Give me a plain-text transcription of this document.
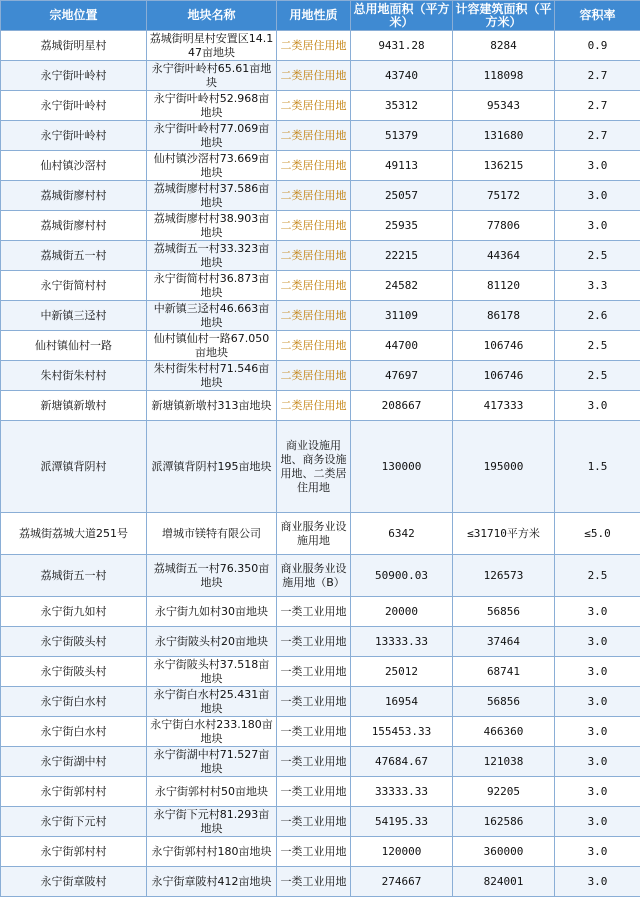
宗地位置	地块名称	用地性质	总用地面积（平方米）	计容建筑面积（平方米）	容积率
荔城街明星村	荔城街明星村安置区14.147亩地块	二类居住用地	9431.28	8284	0.9
永宁街叶岭村	永宁街叶岭村65.61亩地块	二类居住用地	43740	118098	2.7
永宁街叶岭村	永宁街叶岭村52.968亩地块	二类居住用地	35312	95343	2.7
永宁街叶岭村	永宁街叶岭村77.069亩地块	二类居住用地	51379	131680	2.7
仙村镇沙滘村	仙村镇沙滘村73.669亩地块	二类居住用地	49113	136215	3.0
荔城街廖村村	荔城街廖村村37.586亩地块	二类居住用地	25057	75172	3.0
荔城街廖村村	荔城街廖村村38.903亩地块	二类居住用地	25935	77806	3.0
荔城街五一村	荔城街五一村33.323亩地块	二类居住用地	22215	44364	2.5
永宁街简村村	永宁街简村村36.873亩地块	二类居住用地	24582	81120	3.3
中新镇三迳村	中新镇三迳村46.663亩地块	二类居住用地	31109	86178	2.6
仙村镇仙村一路	仙村镇仙村一路67.050亩地块	二类居住用地	44700	106746	2.5
朱村街朱村村	朱村街朱村村71.546亩地块	二类居住用地	47697	106746	2.5
新塘镇新墩村	新塘镇新墩村313亩地块	二类居住用地	208667	417333	3.0
派潭镇背阴村	派潭镇背阴村195亩地块	商业设施用地、商务设施用地、二类居住用地	130000	195000	1.5
荔城街荔城大道251号	增城市镁特有限公司	商业服务业设施用地	6342	≤31710平方米	≤5.0
荔城街五一村	荔城街五一村76.350亩地块	商业服务业设施用地（B）	50900.03	126573	2.5
永宁街九如村	永宁街九如村30亩地块	一类工业用地	20000	56856	3.0
永宁街陂头村	永宁街陂头村20亩地块	一类工业用地	13333.33	37464	3.0
永宁街陂头村	永宁街陂头村37.518亩地块	一类工业用地	25012	68741	3.0
永宁街白水村	永宁街白水村25.431亩地块	一类工业用地	16954	56856	3.0
永宁街白水村	永宁街白水村233.180亩地块	一类工业用地	155453.33	466360	3.0
永宁街湖中村	永宁街湖中村71.527亩地块	一类工业用地	47684.67	121038	3.0
永宁街郭村村	永宁街郭村村50亩地块	一类工业用地	33333.33	92205	3.0
永宁街下元村	永宁街下元村81.293亩地块	一类工业用地	54195.33	162586	3.0
永宁街郭村村	永宁街郭村村180亩地块	一类工业用地	120000	360000	3.0
永宁街章陂村	永宁街章陂村412亩地块	一类工业用地	274667	824001	3.0
